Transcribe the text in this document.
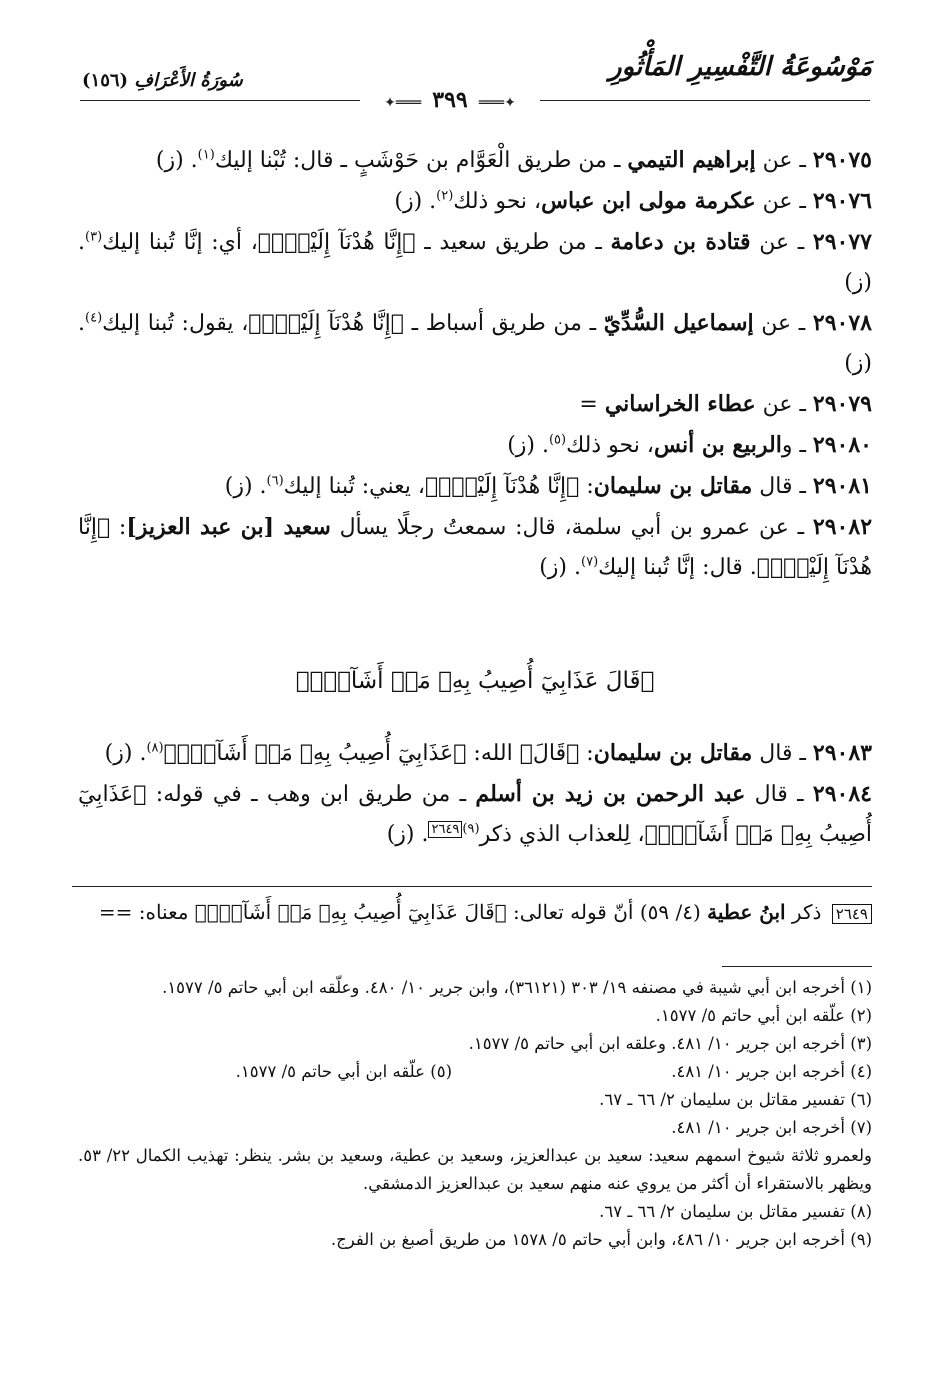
مَوْسُوعَةُ التَّفْسِيرِ المَأْثُورِ
سُورَةُ الأَعْرَافِ (١٥٦)
✦═══ ٣٩٩ ═══✦

٢٩٠٧٥ ـ عن إبراهيم التيمي ـ من طريق الْعَوَّام بن حَوْشَبٍ ـ قال: تُبْنا إليك$^{(١)}$. (ز)

٢٩٠٧٦ ـ عن عكرمة مولى ابن عباس، نحو ذلك$^{(٢)}$. (ز)

٢٩٠٧٧ ـ عن قتادة بن دعامة ـ من طريق سعيد ـ ﴿إِنَّا هُدْنَآ إِلَيْكَۚ﴾، أي: إنَّا تُبنا إليك$^{(٣)}$. (ز)

٢٩٠٧٨ ـ عن إسماعيل السُّدِّيّ ـ من طريق أسباط ـ ﴿إِنَّا هُدْنَآ إِلَيْكَۚ﴾، يقول: تُبنا إليك$^{(٤)}$. (ز)

٢٩٠٧٩ ـ عن عطاء الخراساني =

٢٩٠٨٠ ـ والربيع بن أنس، نحو ذلك$^{(٥)}$. (ز)

٢٩٠٨١ ـ قال مقاتل بن سليمان: ﴿إِنَّا هُدْنَآ إِلَيْكَۚ﴾، يعني: تُبنا إليك$^{(٦)}$. (ز)

٢٩٠٨٢ ـ عن عمرو بن أبي سلمة، قال: سمعتُ رجلًا يسأل سعيد [بن عبد العزيز]: ﴿إِنَّا هُدْنَآ إِلَيْكَۚ﴾. قال: إنَّا تُبنا إليك$^{(٧)}$. (ز)

﴿قَالَ عَذَابِيٓ أُصِيبُ بِهِۦ مَنۡ أَشَآءُۖ﴾

٢٩٠٨٣ ـ قال مقاتل بن سليمان: ﴿قَالَ﴾ الله: ﴿عَذَابِيٓ أُصِيبُ بِهِۦ مَنۡ أَشَآءُۖ﴾$^{(٨)}$. (ز)

٢٩٠٨٤ ـ قال عبد الرحمن بن زيد بن أسلم ـ من طريق ابن وهب ـ في قوله: ﴿عَذَابِيٓ أُصِيبُ بِهِۦ مَنۡ أَشَآءُۖ﴾، لِلعذاب الذي ذكر$^{(٩)}$٢٦٤٩. (ز)

٢٦٤٩ ذكر ابنُ عطية (٤/ ٥٩) أنّ قوله تعالى: ﴿قَالَ عَذَابِيٓ أُصِيبُ بِهِۦ مَنۡ أَشَآءُۖ﴾ معناه: ==

(١) أخرجه ابن أبي شيبة في مصنفه ١٩/ ٣٠٣ (٣٦١٢١)، وابن جرير ١٠/ ٤٨٠. وعلّقه ابن أبي حاتم ٥/ ١٥٧٧.

(٢) علّقه ابن أبي حاتم ٥/ ١٥٧٧.

(٣) أخرجه ابن جرير ١٠/ ٤٨١. وعلقه ابن أبي حاتم ٥/ ١٥٧٧.

(٤) أخرجه ابن جرير ١٠/ ٤٨١.

(٥) علّقه ابن أبي حاتم ٥/ ١٥٧٧.

(٦) تفسير مقاتل بن سليمان ٢/ ٦٦ ـ ٦٧.

(٧) أخرجه ابن جرير ١٠/ ٤٨١.

ولعمرو ثلاثة شيوخ اسمهم سعيد: سعيد بن عبدالعزيز، وسعيد بن عطية، وسعيد بن بشر. ينظر: تهذيب الكمال ٢٢/ ٥٣. ويظهر بالاستقراء أن أكثر من يروي عنه منهم سعيد بن عبدالعزيز الدمشقي.

(٨) تفسير مقاتل بن سليمان ٢/ ٦٦ ـ ٦٧.

(٩) أخرجه ابن جرير ١٠/ ٤٨٦، وابن أبي حاتم ٥/ ١٥٧٨ من طريق أصبغ بن الفرج.
